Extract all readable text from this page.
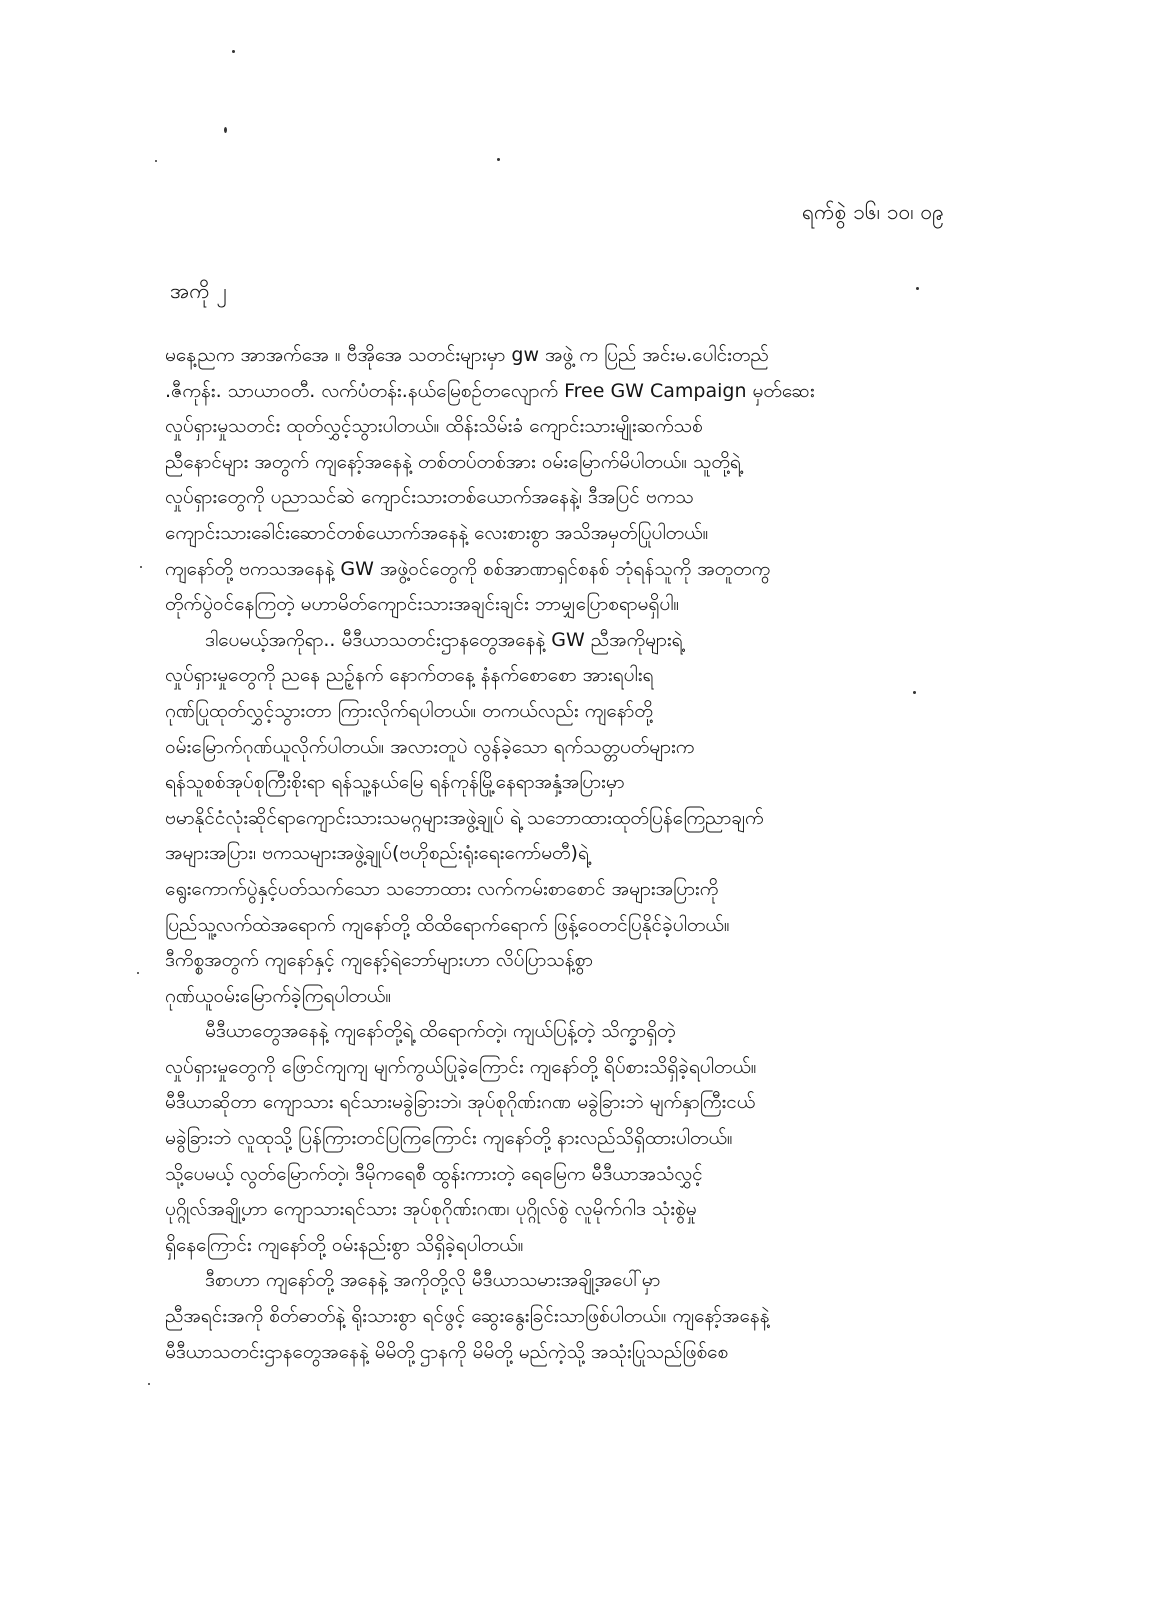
ရက်စွဲ ၁၆၊ ၁၀၊ ၀၉
အကို ၂
မနေ့ညက အာအက်အေ ။ ဗီအိုအေ သတင်းများမှာ gw အဖွဲ့ က ပြည် အင်းမ.ပေါင်းတည်
.ဇီကုန်း. သာယာဝတီ. လက်ပံတန်း.နယ်မြေစဉ်တလျောက် Free GW Campaign မှတ်ဆေး
လှုပ်ရှားမှုသတင်း ထုတ်လွှင့်သွားပါတယ်။ ထိန်းသိမ်းခံ ကျောင်းသားမျိုးဆက်သစ်
ညီနောင်များ အတွက် ကျနော့်အနေနဲ့ တစ်တပ်တစ်အား ဝမ်းမြောက်မိပါတယ်။ သူတို့ရဲ့
လှုပ်ရှားတွေကို ပညာသင်ဆဲ ကျောင်းသားတစ်ယောက်အနေနဲ့၊ ဒီအပြင် ဗကသ
ကျောင်းသားခေါင်းဆောင်တစ်ယောက်အနေနဲ့ လေးစားစွာ အသိအမှတ်ပြုပါတယ်။
ကျနော်တို့ ဗကသအနေနဲ့ GW အဖွဲ့ဝင်တွေကို စစ်အာဏာရှင်စနစ် ဘုံရန်သူကို အတူတကွ
တိုက်ပွဲဝင်နေကြတဲ့ မဟာမိတ်ကျောင်းသားအချင်းချင်း ဘာမျှပြောစရာမရှိပါ။
ဒါပေမယ့်အကိုရာ.. မီဒီယာသတင်းဌာနတွေအနေနဲ့ GW ညီအကိုများရဲ့
လှုပ်ရှားမှုတွေကို ညနေ ညဥ့်နက် နောက်တနေ့ နံနက်စောစော အားရပါးရ
ဂုဏ်ပြုထုတ်လွှင့်သွားတာ ကြားလိုက်ရပါတယ်။ တကယ်လည်း ကျနော်တို့
ဝမ်းမြောက်ဂုဏ်ယူလိုက်ပါတယ်။ အလားတူပဲ လွန်ခဲ့သော ရက်သတ္တပတ်များက
ရန်သူစစ်အုပ်စုကြီးစိုးရာ ရန်သူ့နယ်မြေ ရန်ကုန်မြို့နေရာအနှံ့အပြားမှာ
ဗမာနိုင်ငံလုံးဆိုင်ရာကျောင်းသားသမဂ္ဂများအဖွဲ့ချုပ် ရဲ့ သဘောထားထုတ်ပြန်ကြေညာချက်
အများအပြား၊ ဗကသများအဖွဲ့ချုပ်(ဗဟိုစည်းရုံးရေးကော်မတီ)ရဲ့
ရွေးကောက်ပွဲနှင့်ပတ်သက်သော သဘောထား လက်ကမ်းစာစောင် အများအပြားကို
ပြည်သူ့လက်ထဲအရောက် ကျနော်တို့ ထိထိရောက်ရောက် ဖြန့်ဝေတင်ပြနိုင်ခဲ့ပါတယ်။
ဒီကိစ္စအတွက် ကျနော်နှင့် ကျနော့်ရဲဘော်များဟာ လိပ်ပြာသန့်စွာ
ဂုဏ်ယူဝမ်းမြောက်ခဲ့ကြရပါတယ်။
မီဒီယာတွေအနေနဲ့ ကျနော်တို့ရဲ့ ထိရောက်တဲ့၊ ကျယ်ပြန့်တဲ့ သိက္ခာရှိတဲ့
လှုပ်ရှားမှုတွေကို ဖြောင်ကျကျ မျက်ကွယ်ပြုခဲ့ကြောင်း ကျနော်တို့ ရိပ်စားသိရှိခဲ့ရပါတယ်။
မီဒီယာဆိုတာ ကျောသား ရင်သားမခွဲခြားဘဲ၊ အုပ်စုဂိုဏ်းဂဏ မခွဲခြားဘဲ မျက်နှာကြီးငယ်
မခွဲခြားဘဲ လူထုသို့ ပြန်ကြားတင်ပြကြကြောင်း ကျနော်တို့ နားလည်သိရှိထားပါတယ်။
သို့ပေမယ့် လွတ်မြောက်တဲ့၊ ဒီမိုကရေစီ ထွန်းကားတဲ့ ရေမြေက မီဒီယာအသံလွှင့်
ပုဂ္ဂိုလ်အချို့ဟာ ကျောသားရင်သား အုပ်စုဂိုဏ်းဂဏ၊ ပုဂ္ဂိုလ်စွဲ လူမိုက်ဂါဒ သုံးစွဲမှု
ရှိနေကြောင်း ကျနော်တို့ ဝမ်းနည်းစွာ သိရှိခဲ့ရပါတယ်။
ဒီစာဟာ ကျနော်တို့ အနေနဲ့ အကိုတို့လို မီဒီယာသမားအချို့အပေါ်မှာ
ညီအရင်းအကို စိတ်ဓာတ်နဲ့ ရိုးသားစွာ ရင်ဖွင့် ဆွေးနွေးခြင်းသာဖြစ်ပါတယ်။ ကျနော့်အနေနဲ့
မီဒီယာသတင်းဌာနတွေအနေနဲ့ မိမိတို့ဌာနကို မိမိတို့ မည်ကဲ့သို့ အသုံးပြုသည်ဖြစ်စေ
